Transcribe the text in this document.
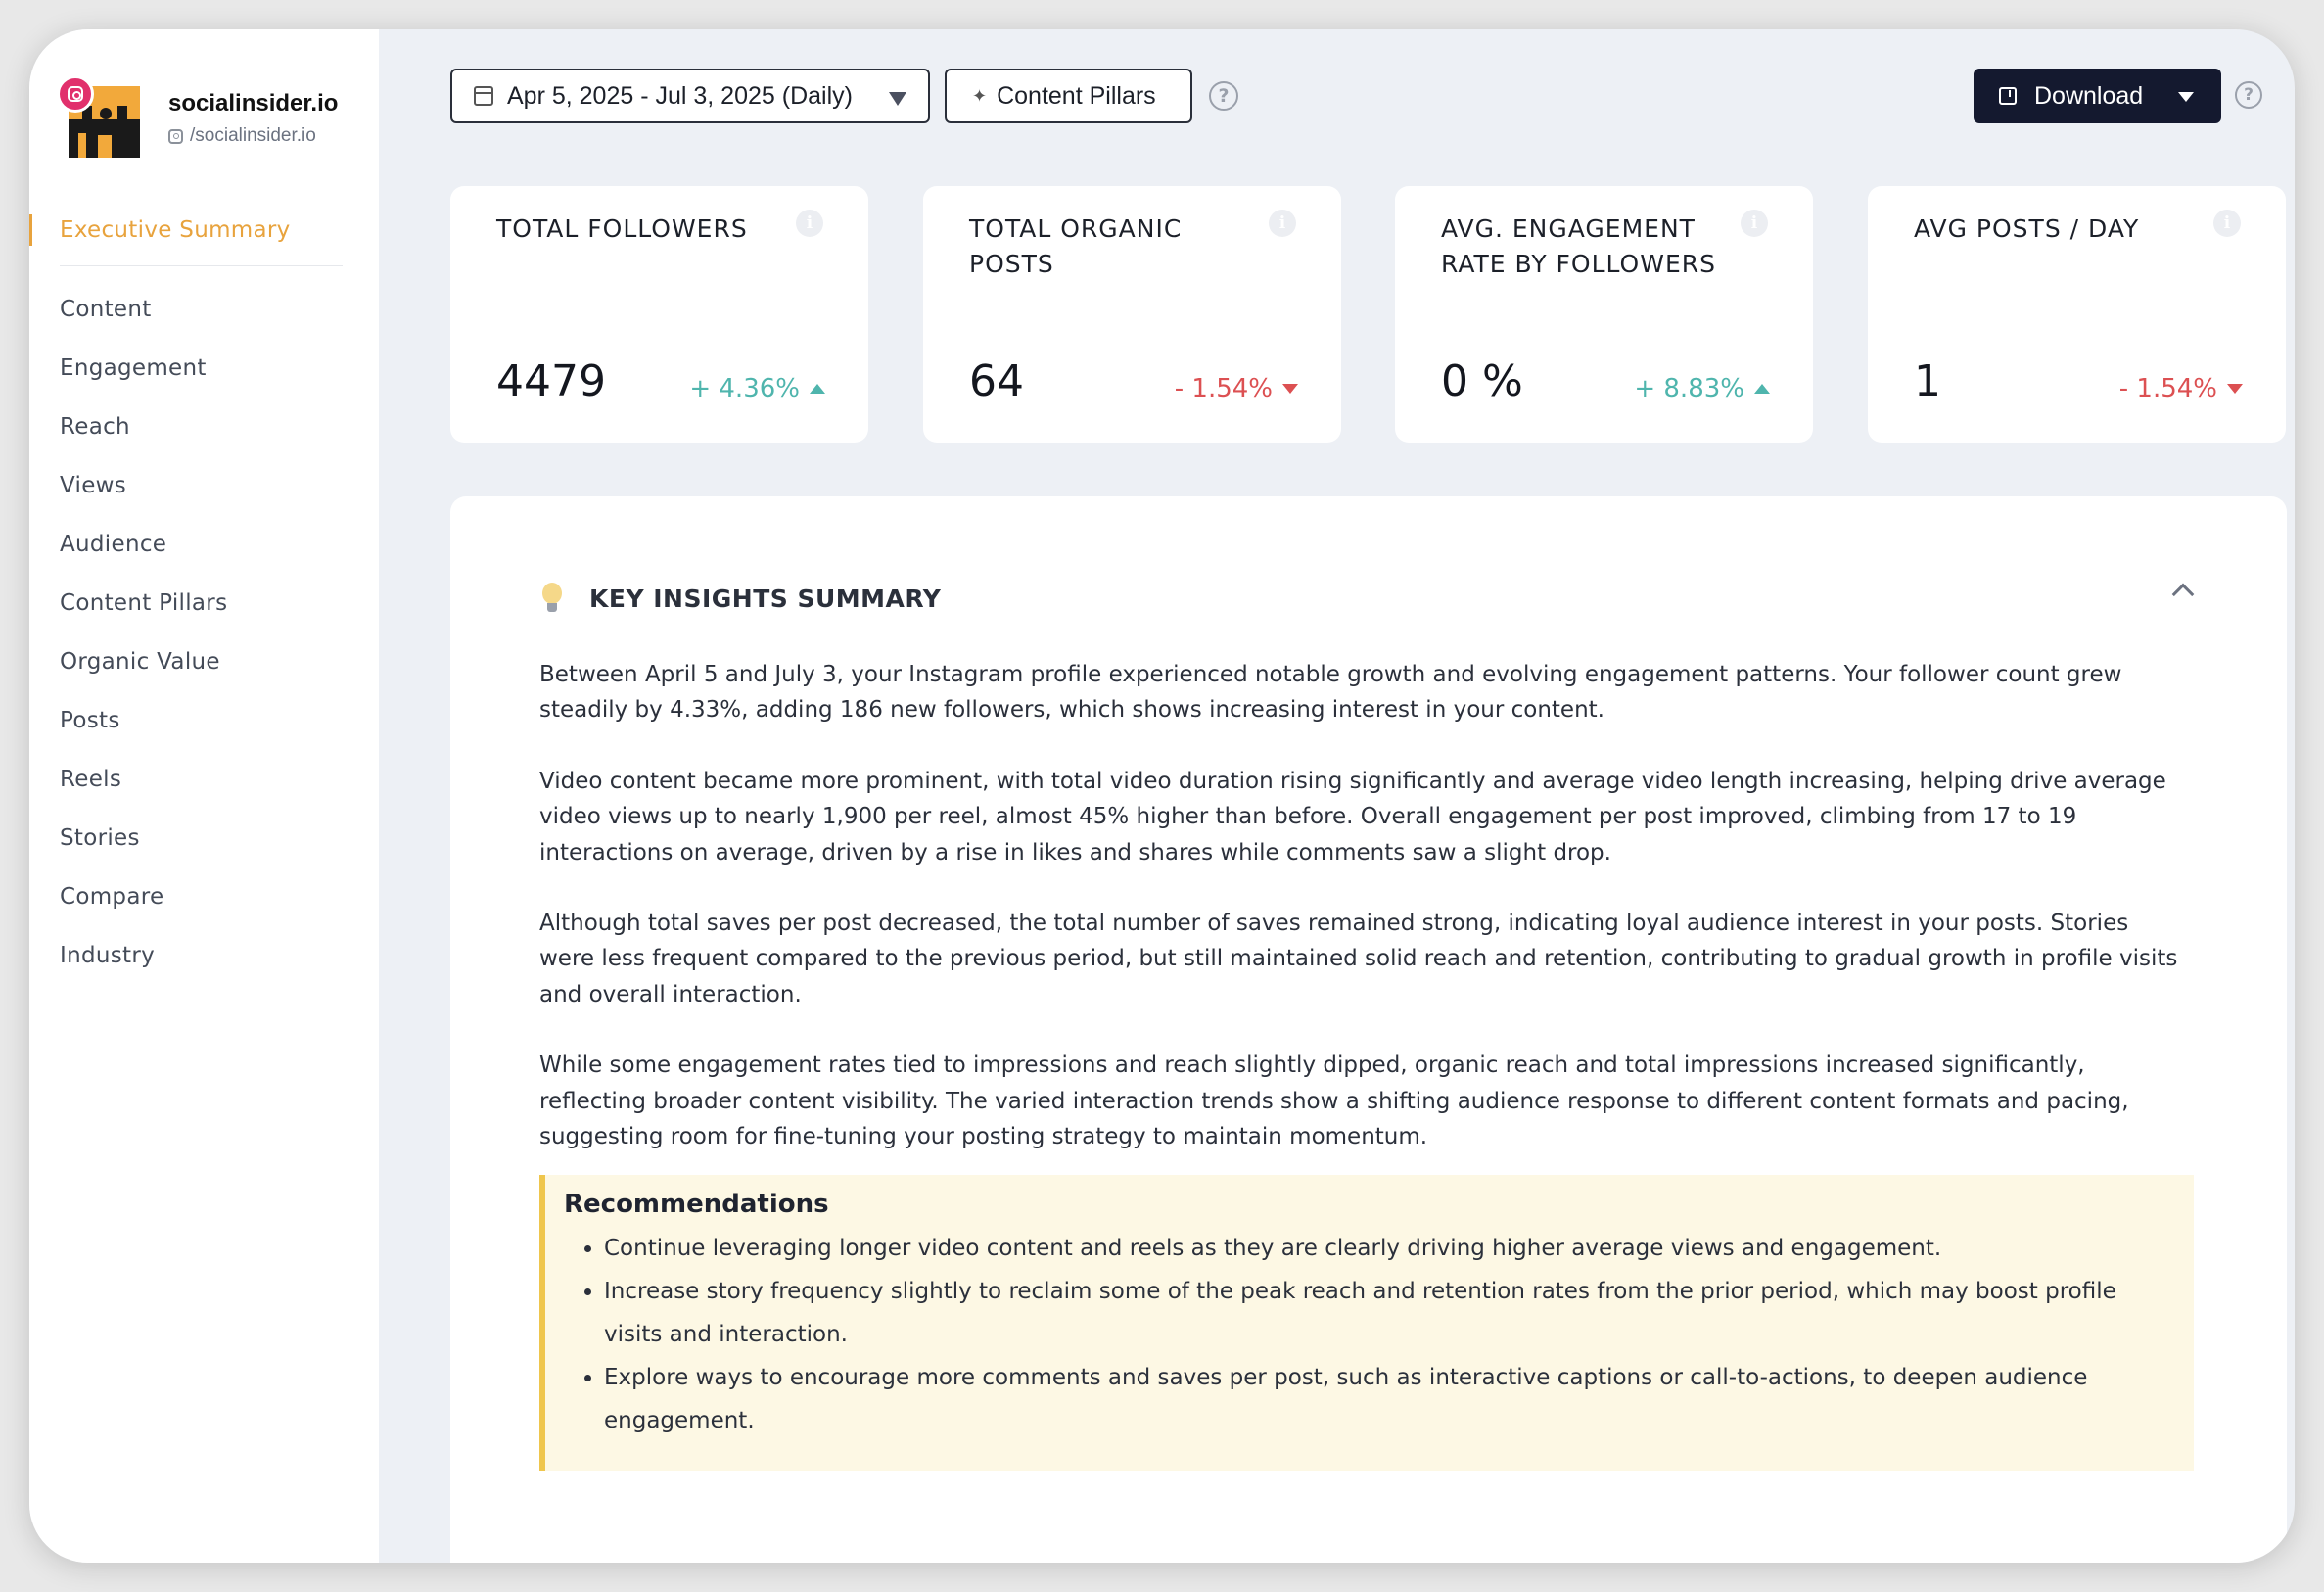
socialinsider.io
/socialinsider.io
Executive Summary
Content
Engagement
Reach
Views
Audience
Content Pillars
Organic Value
Posts
Reels
Stories
Compare
Industry
Apr 5, 2025 - Jul 3, 2025 (Daily)	✦ Content Pillars	?	Download	?
TOTAL FOLLOWERS	i
4479	+ 4.36%
TOTAL ORGANIC POSTS
i
64	- 1.54%
AVG. ENGAGEMENT RATE BY FOLLOWERS
i
0 %	+ 8.83%
AVG POSTS / DAY	i
1	- 1.54%
KEY INSIGHTS SUMMARY

Between April 5 and July 3, your Instagram profile experienced notable growth and evolving engagement patterns. Your follower count grew steadily by 4.33%, adding 186 new followers, which shows increasing interest in your content.

Video content became more prominent, with total video duration rising significantly and average video length increasing, helping drive average video views up to nearly 1,900 per reel, almost 45% higher than before. Overall engagement per post improved, climbing from 17 to 19 interactions on average, driven by a rise in likes and shares while comments saw a slight drop.

Although total saves per post decreased, the total number of saves remained strong, indicating loyal audience interest in your posts. Stories were less frequent compared to the previous period, but still maintained solid reach and retention, contributing to gradual growth in profile visits and overall interaction.

While some engagement rates tied to impressions and reach slightly dipped, organic reach and total impressions increased significantly, reflecting broader content visibility. The varied interaction trends show a shifting audience response to different content formats and pacing, suggesting room for fine-tuning your posting strategy to maintain momentum.

Recommendations
• Continue leveraging longer video content and reels as they are clearly driving higher average views and engagement.
• Increase story frequency slightly to reclaim some of the peak reach and retention rates from the prior period, which may boost profile visits and interaction.
• Explore ways to encourage more comments and saves per post, such as interactive captions or call-to-actions, to deepen audience engagement.
